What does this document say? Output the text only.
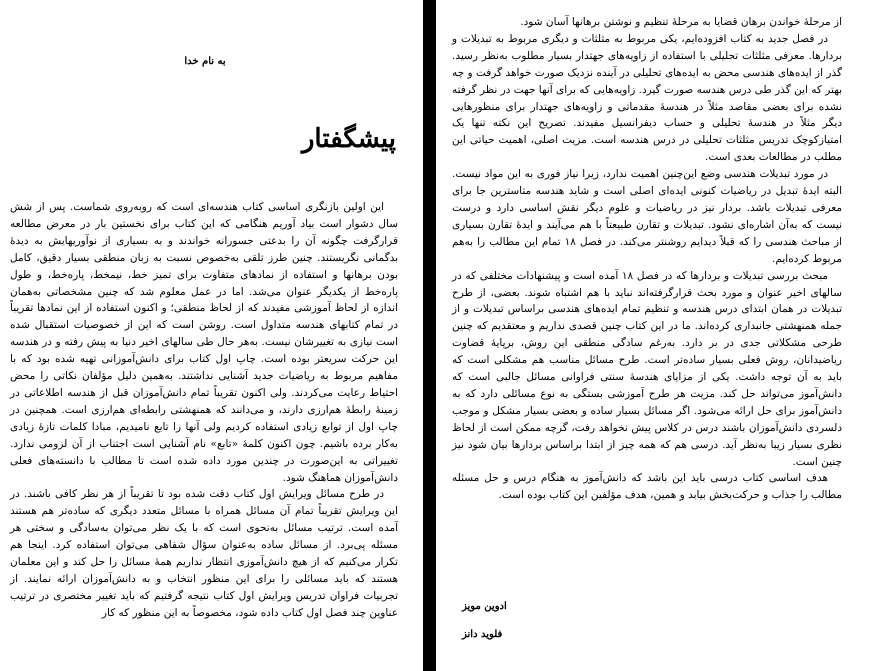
به نام خدا
پیشگفتار

این اولین بازنگری اساسی کتاب هندسه‌ای است که روبه‌روی شماست. پس از شش سال دشوار است بیاد آوریم هنگامی که این کتاب برای نخستین بار در معرض مطالعه قرارگرفت چگونه آن را بدعتی جسورانه خواندند و به بسیاری از نوآوریهایش به دیدهٔ بدگمانی نگریستند. چنین طرز تلقی به‌خصوص نسبت به زبان منطقی بسیار دقیق، کامل بودن برهانها و استفاده از نمادهای متفاوت برای تمیز خط، نیمخط، پاره‌خط، و طول پاره‌خط از یکدیگر عنوان می‌شد. اما در عمل معلوم شد که چنین مشخصاتی به‌همان اندازه از لحاظ آموزشی مفید‌ند که از لحاظ منطقی؛ و اکنون استفاده از این نمادها تقریباً در تمام کتابهای هندسه متداول است. روشن است که این از خصوصیات استقبال شده است نیازی به تغییرشان نیست. به‌هر حال طی سالهای اخیر دنیا به پیش رفته و در هندسه این حرکت سریعتر بوده است. چاپ اول کتاب برای دانش‌آموزانی تهیه شده بود که با مفاهیم مربوط به ریاضیات جدید آشنایی نداشتند. به‌همین دلیل مؤلفان نکاتی را محض احتیاط رعایت می‌کردند. ولی اکنون تقریباً تمام دانش‌آموزان قبل از هندسه اطلاعاتی در زمینهٔ رابطهٔ هم‌ارزی دارند، و می‌دانند که همنهشتی رابطه‌ای هم‌ارزی است. همچنین در چاپ اول از توابع زیادی استفاده کردیم ولی آنها را تابع نامیدیم، مبادا کلمات تازهٔ زیادی به‌کار برده باشیم. چون اکنون کلمهٔ «تابع» نام آشنایی است اجتناب از آن لزومی ندارد. تغییراتی به این‌صورت در چندین مورد داده شده است تا مطالب با دانسته‌های فعلی دانش‌آموزان هماهنگ شود.

در طرح مسائل ویرایش اول کتاب دقت شده بود تا تقریباً از هر نظر کافی باشند. در این ویرایش تقریباً تمام آن مسائل همراه با مسائل متعدد دیگری که ساده‌تر هم هستند آمده است. ترتیب مسائل به‌نحوی است که با یک نظر می‌توان به‌سادگی و سختی هر مسئله پی‌برد. از مسائل ساده به‌عنوان سؤال شفاهی می‌توان استفاده کرد. اینجا هم تکرار می‌کنیم که از هیچ دانش‌آموزی انتظار نداریم همهٔ مسائل را حل کند و این معلمان هستند که باید مسائلی را برای این منظور انتخاب و به دانش‌آموزان ارائه نمایند. از تجربیات فراوان تدریس ویرایش اول کتاب نتیجه گرفتیم که باید تغییر مختصری در ترتیب عناوین چند فصل اول کتاب داده شود، مخصوصاً به این منظور که کار

از مرحلهٔ خواندن برهان قضایا به مرحلهٔ تنظیم و نوشتن برهانها آسان شود.

در فصل جدید به کتاب افزوده‌ایم، یکی مربوط به مثلثات و دیگری مربوط به تبدیلات و بردارها. معرفی مثلثات تحلیلی با استفاده از زاویه‌های جهتدار بسیار مطلوب به‌نظر رسید. گذر از ایده‌های هندسی محض به ایده‌های تحلیلی در آینده نزدیک صورت خواهد گرفت و چه بهتر که این گذر طی درس هندسه صورت گیرد. زاویه‌هایی که برای آنها جهت در نظر گرفته نشده برای بعضی مقاصد مثلاً در هندسهٔ مقدماتی و زاویه‌های جهتدار برای منظورهایی دیگر مثلاً در هندسهٔ تحلیلی و حساب دیفرانسیل مفیدند. تصریح این نکته تنها یک امتیازکوچک تدریس مثلثات تحلیلی در درس هندسه است. مزیت اصلی، اهمیت حیاتی این مطلب در مطالعات بعدی است.

در مورد تبدیلات هندسی وضع این‌چنین اهمیت ندارد، زیرا نیاز فوری به این مواد نیست. البته ایدهٔ تبدیل در ریاضیات کنونی ایده‌ای اصلی است و شاید هندسه متاسترین جا برای معرفی تبدیلات باشد. بردار نیز در ریاضیات و علوم دیگر نقش اساسی دارد و درست نیست که به‌آن اشاره‌ای نشود. تبدیلات و تقارن طبیعتاً با هم می‌آیند و ایدهٔ تقارن بسیاری از مباحث هندسی را که قبلاً دیدایم روشنتر می‌کند. در فصل ۱۸ تمام این مطالب را به‌هم مربوط کرده‌ایم.

مبحث بررسی تبدیلات و بردارها که در فصل ۱۸ آمده است و پیشنهادات مختلفی که در سالهای اخیر عنوان و مورد بحث قرارگرفته‌اند نباید با هم اشتباه شوند. بعضی، از طرح تبدیلات در همان ابتدای درس هندسه و تنظیم تمام ایده‌های هندسی براساس تبدیلات و از جمله همنهشتی جانبداری کرده‌اند. ما در این کتاب چنین قصدی نداریم و معتقدیم که چنین طرحی مشکلاتی جدی در بر دارد. به‌رغم سادگی منطقی این روش، برپایهٔ قضاوت ریاضیدانان، روش فعلی بسیار ساده‌تر است. طرح مسائل مناسب هم مشکلی است که باید به آن توجه داشت. یکی از مزایای هندسهٔ سنتی فراوانی مسائل جالبی است که دانش‌آموز می‌تواند حل کند. مزیت هر طرح آموزشی بستگی به نوع مسائلی دارد که به دانش‌آموز برای حل ارائه می‌شود. اگر مسائل بسیار ساده و بعضی بسیار مشکل و موجب دلسردی دانش‌آموزان باشند درس در کلاس پیش نخواهد رفت، گرچه ممکن است از لحاظ نظری بسیار زیبا به‌نظر آید. درسی هم که همه چیز از ابتدا براساس بردارها بیان شود نیز چنین است.

هدف اساسی کتاب درسی باید این باشد که دانش‌آموز به هنگام درس و حل مسئله مطالب را جذاب و حرکت‌بخش بیابد و همین، هدف مؤلفین این کتاب بوده است.

ادوین مویز
فلوید دانز
